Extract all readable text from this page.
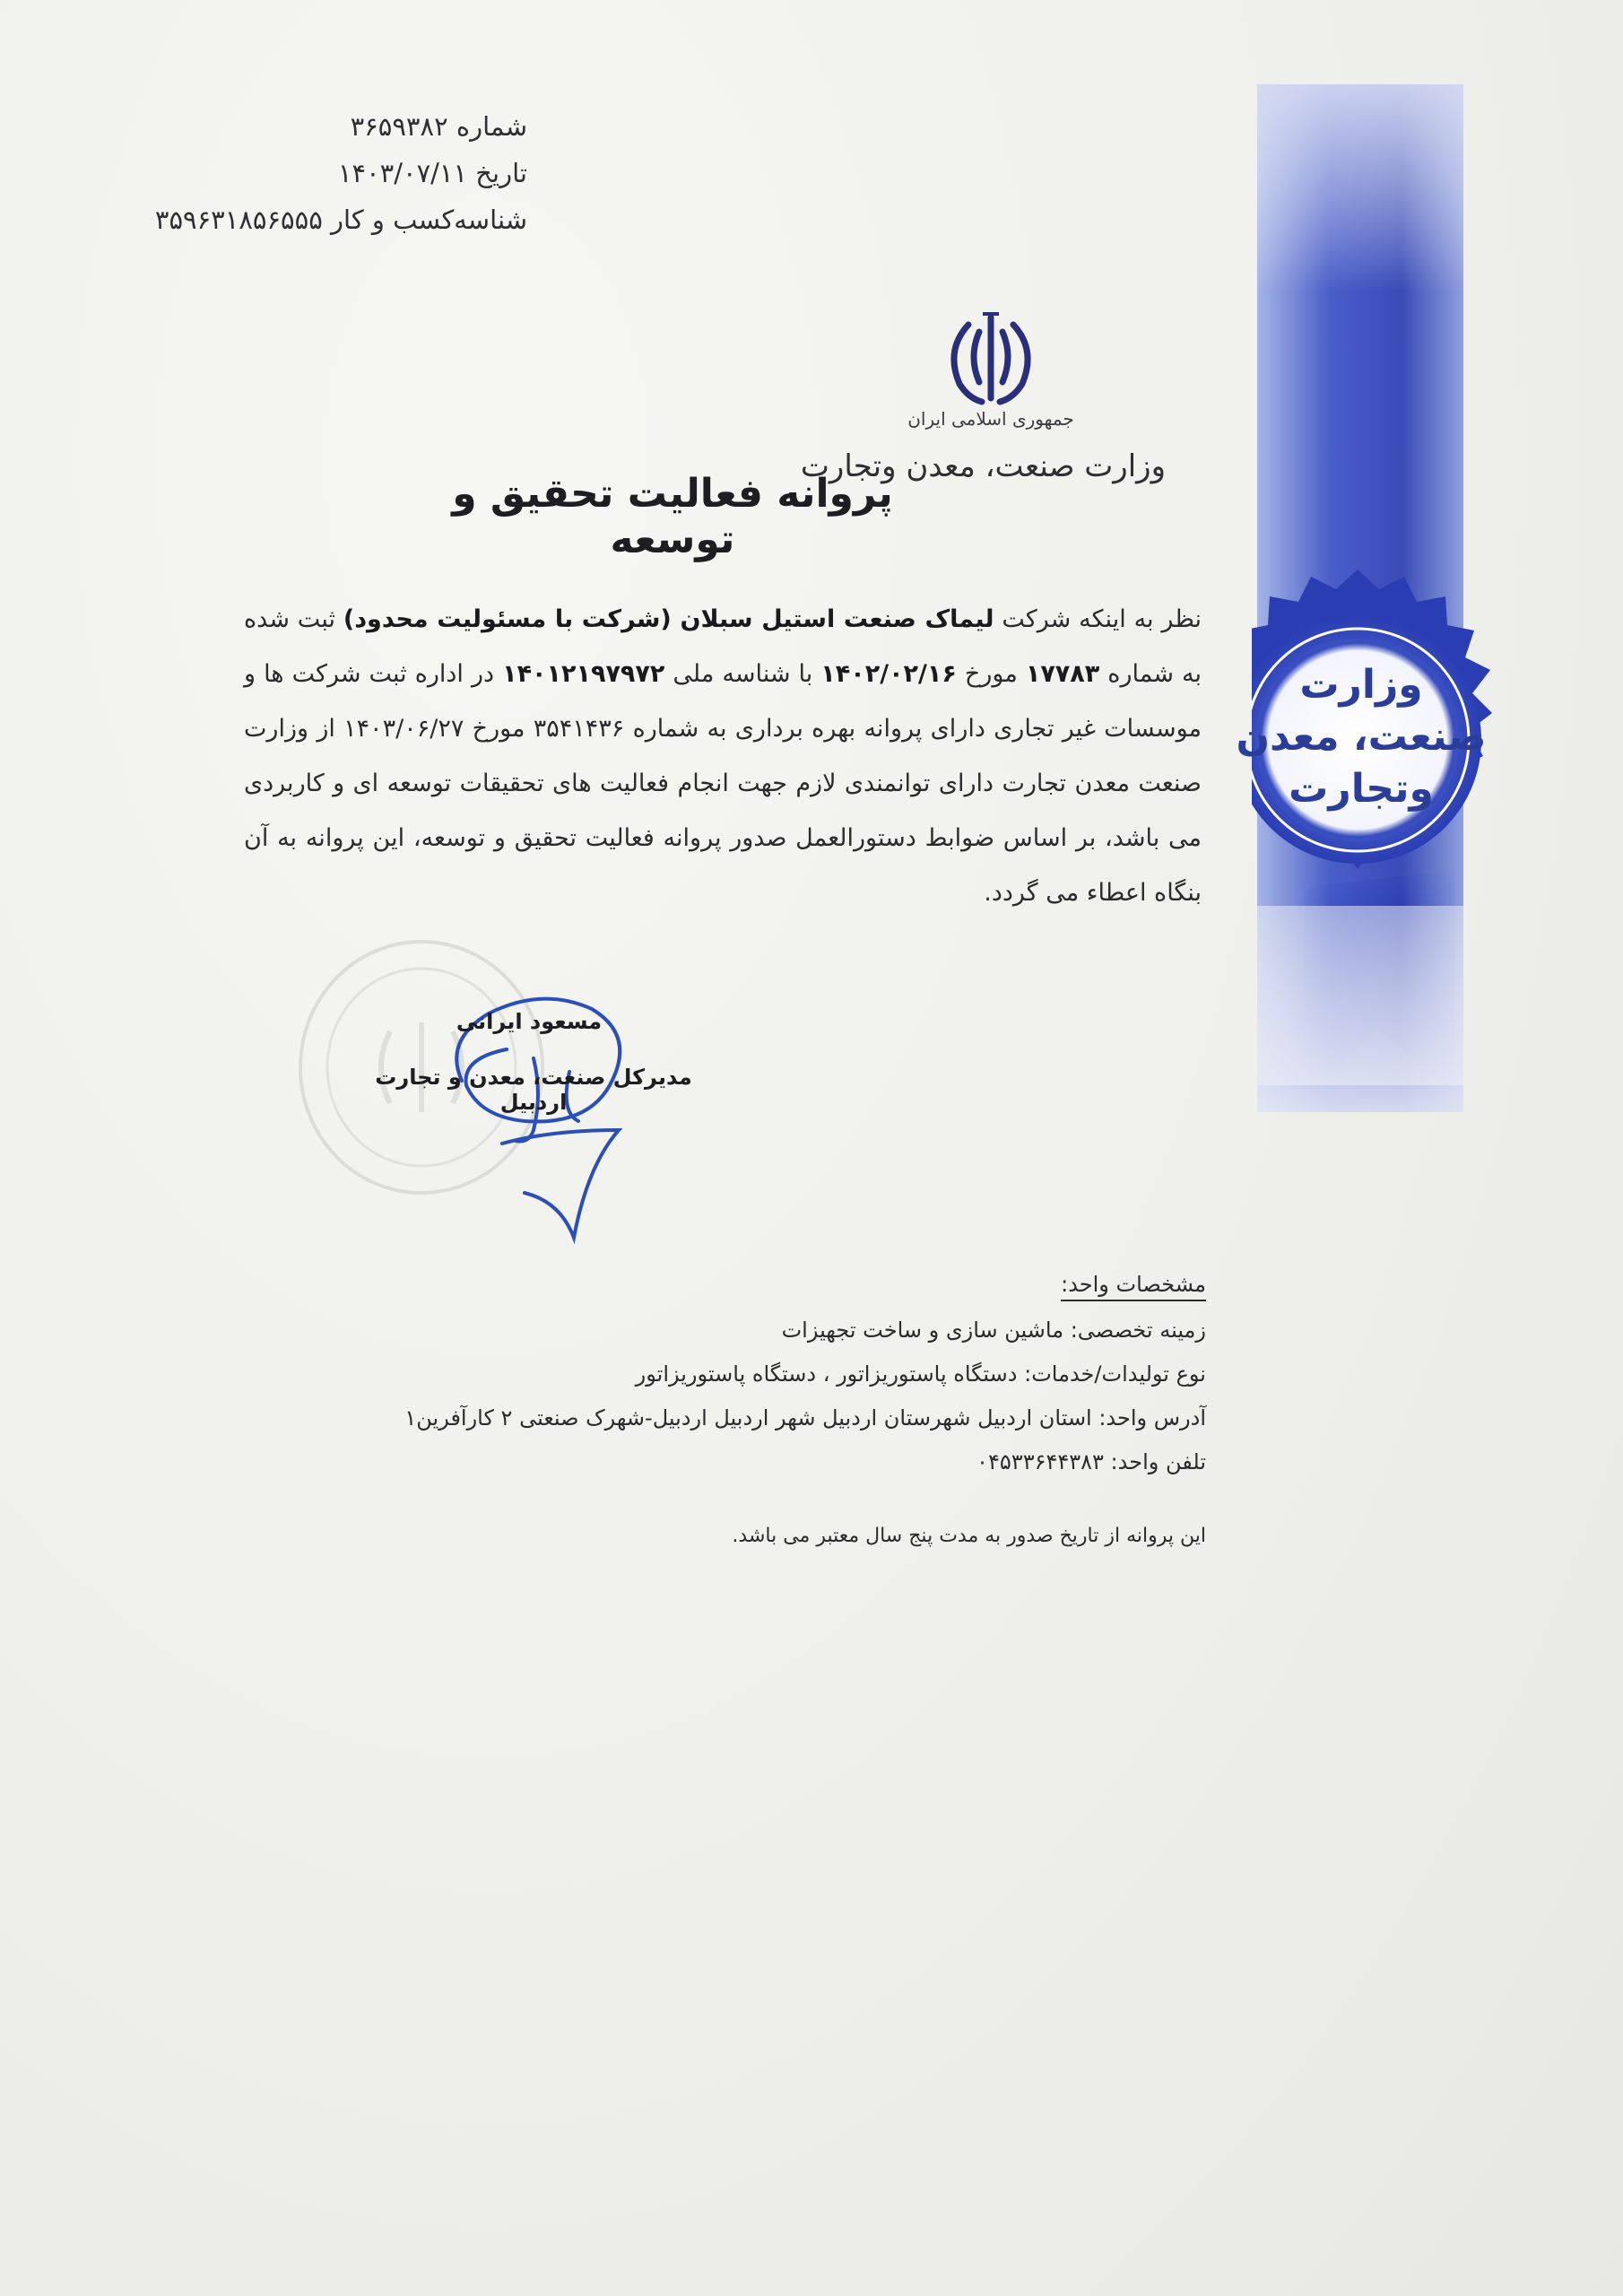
شماره ۳۶۵۹۳۸۲
تاریخ ۱۴۰۳/۰۷/۱۱
شناسه‌کسب و کار ۳۵۹۶۳۱۸۵۶۵۵۵
جمهوری اسلامی ایران
وزارت صنعت، معدن وتجارت
پروانه فعالیت تحقیق و توسعه
وزارت
صنعت، معدن
وتجارت
نظر به اینکه شرکت لیماک صنعت استیل سبلان (شرکت با مسئولیت محدود) ثبت شده به شماره ۱۷۷۸۳ مورخ ۱۴۰۲/۰۲/۱۶ با شناسه ملی ۱۴۰۱۲۱۹۷۹۷۲ در اداره ثبت شرکت ها و موسسات غیر تجاری دارای پروانه بهره برداری به شماره ۳۵۴۱۴۳۶ مورخ ۱۴۰۳/۰۶/۲۷ از وزارت صنعت معدن تجارت دارای توانمندی لازم جهت انجام فعالیت های تحقیقات توسعه ای و کاربردی می باشد، بر اساس ضوابط دستورالعمل صدور پروانه فعالیت تحقیق و توسعه، این پروانه به آن بنگاه اعطاء می گردد.
مسعود ایرانی
مدیرکل صنعت، معدن و تجارت اردبیل
مشخصات واحد:
زمینه تخصصی: ماشین سازی و ساخت تجهیزات
نوع تولیدات/خدمات: دستگاه پاستوریزاتور ، دستگاه پاستوریزاتور
آدرس واحد: استان اردبیل شهرستان اردبیل شهر اردبیل اردبیل-شهرک صنعتی ۲ کارآفرین۱
تلفن واحد: ۰۴۵۳۳۶۴۴۳۸۳
این پروانه از تاریخ صدور به مدت پنج سال معتبر می باشد.
